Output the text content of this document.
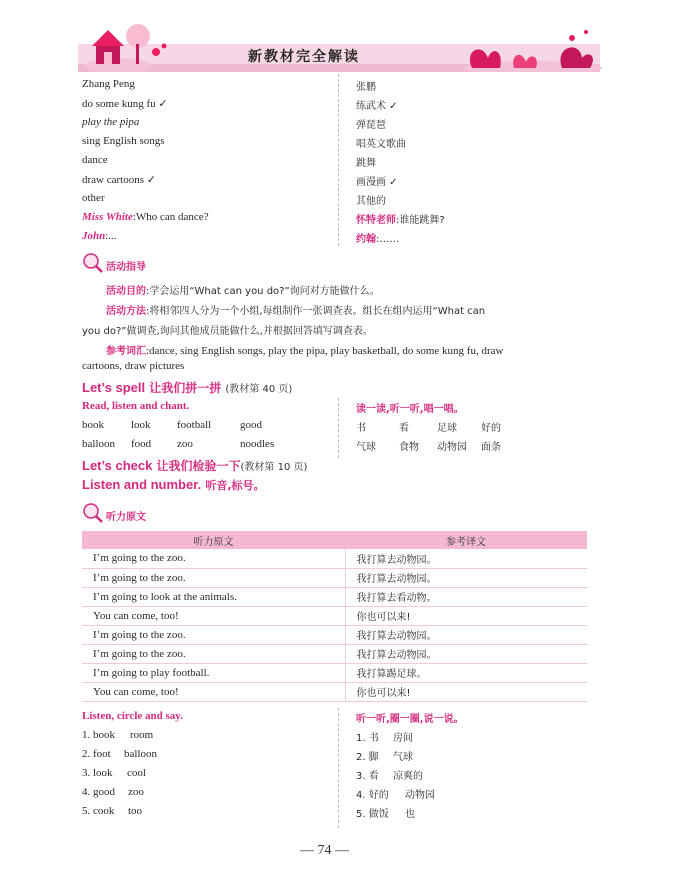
新教材完全解读
Zhang Peng	张鹏
do some kung fu ✓	练武术 ✓
play the pipa	弹琵琶
sing English songs	唱英文歌曲
dance	跳舞
draw cartoons ✓	画漫画 ✓
other	其他的
Miss White:Who can dance?	怀特老师:谁能跳舞?
John:...	约翰:……
活动指导
活动目的:学会运用“What can you do?”询问对方能做什么。
活动方法:将相邻四人分为一个小组,每组制作一张调查表。组长在组内运用“What can
you do?”做调查,询问其他成员能做什么,并根据回答填写调查表。
参考词汇:dance, sing English songs, play the pipa, play basketball, do some kung fu, draw
cartoons, draw pictures
Let’s spell 让我们拼一拼 (教材第 40 页)
Read, listen and chant.	读一读,听一听,唱一唱。
book look football	good	书	看	足球 好的
balloon food zoo	noodles	气球 食物 动物园 面条
Let’s check 让我们检验一下(教材第 10 页)
Listen and number. 听音,标号。
听力原文
听力原文	参考译文
I’m going to the zoo.	我打算去动物园。
I’m going to the zoo.	我打算去动物园。
I’m going to look at the animals.	我打算去看动物。
You can come, too!	你也可以来!
I’m going to the zoo.	我打算去动物园。
I’m going to the zoo.	我打算去动物园。
I’m going to play football.	我打算踢足球。
You can come, too!	你也可以来!
Listen, circle and say.	听一听,圈一圈,说一说。
1. book room
2. foot balloon
3. look cool
4. good zoo
5. cook too
1. 书 房间
2. 脚 气球
3. 看 凉爽的
4. 好的 动物园
5. 做饭 也
— 74 —
